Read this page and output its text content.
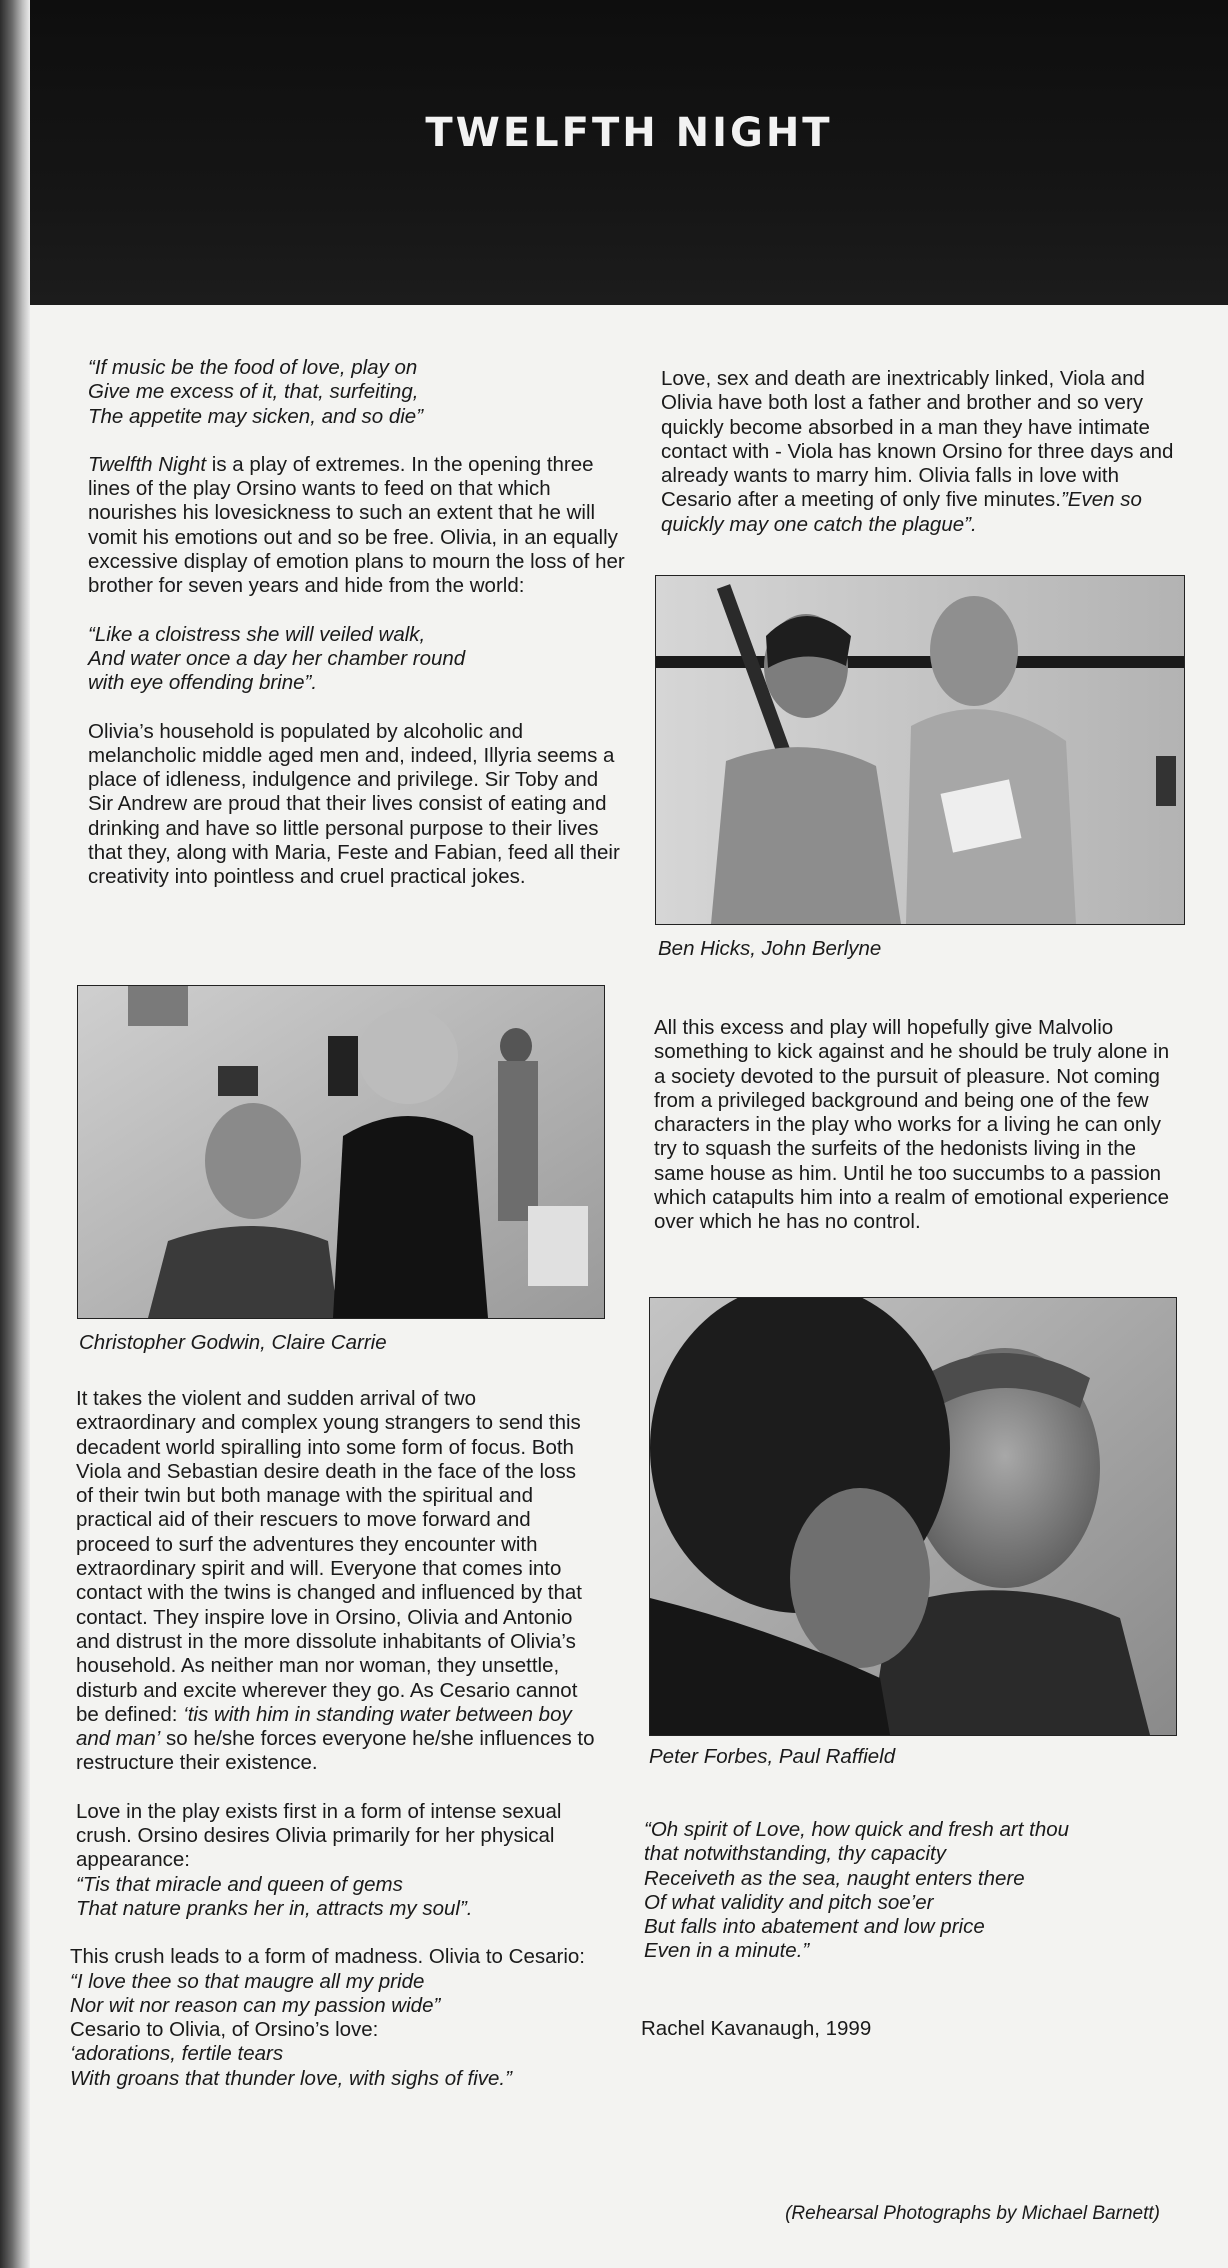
TWELFTH NIGHT

“If music be the food of love, play on
Give me excess of it, that, surfeiting,
The appetite may sicken, and so die”

Twelfth Night is a play of extremes. In the opening three lines of the play Orsino wants to feed on that which nourishes his lovesickness to such an extent that he will vomit his emotions out and so be free. Olivia, in an equally excessive display of emotion plans to mourn the loss of her brother for seven years and hide from the world:

“Like a cloistress she will veiled walk,
And water once a day her chamber round
with eye offending brine”.

Olivia’s household is populated by alcoholic and melancholic middle aged men and, indeed, Illyria seems a place of idleness, indulgence and privilege. Sir Toby and Sir Andrew are proud that their lives consist of eating and drinking and have so little personal purpose to their lives that they, along with Maria, Feste and Fabian, feed all their creativity into pointless and cruel practical jokes.

Christopher Godwin, Claire Carrie

It takes the violent and sudden arrival of two extraordinary and complex young strangers to send this decadent world spiralling into some form of focus. Both Viola and Sebastian desire death in the face of the loss of their twin but both manage with the spiritual and practical aid of their rescuers to move forward and proceed to surf the adventures they encounter with extraordinary spirit and will. Everyone that comes into contact with the twins is changed and influenced by that contact. They inspire love in Orsino, Olivia and Antonio and distrust in the more dissolute inhabitants of Olivia’s household. As neither man nor woman, they unsettle, disturb and excite wherever they go. As Cesario cannot be defined: ‘tis with him in standing water between boy and man’ so he/she forces everyone he/she influences to restructure their existence.

Love in the play exists first in a form of intense sexual crush. Orsino desires Olivia primarily for her physical appearance:
“Tis that miracle and queen of gems
That nature pranks her in, attracts my soul”.

This crush leads to a form of madness. Olivia to Cesario:
“I love thee so that maugre all my pride
Nor wit nor reason can my passion wide”
Cesario to Olivia, of Orsino’s love:
‘adorations, fertile tears
With groans that thunder love, with sighs of five.”

Love, sex and death are inextricably linked, Viola and Olivia have both lost a father and brother and so very quickly become absorbed in a man they have intimate contact with - Viola has known Orsino for three days and already wants to marry him. Olivia falls in love with Cesario after a meeting of only five minutes.”Even so quickly may one catch the plague”.

Ben Hicks, John Berlyne

All this excess and play will hopefully give Malvolio something to kick against and he should be truly alone in a society devoted to the pursuit of pleasure. Not coming from a privileged background and being one of the few characters in the play who works for a living he can only try to squash the surfeits of the hedonists living in the same house as him. Until he too succumbs to a passion which catapults him into a realm of emotional experience over which he has no control.

Peter Forbes, Paul Raffield
“Oh spirit of Love, how quick and fresh art thou
that notwithstanding, thy capacity
Receiveth as the sea, naught enters there
Of what validity and pitch soe’er
But falls into abatement and low price
Even in a minute.”
Rachel Kavanaugh, 1999
(Rehearsal Photographs by Michael Barnett)
